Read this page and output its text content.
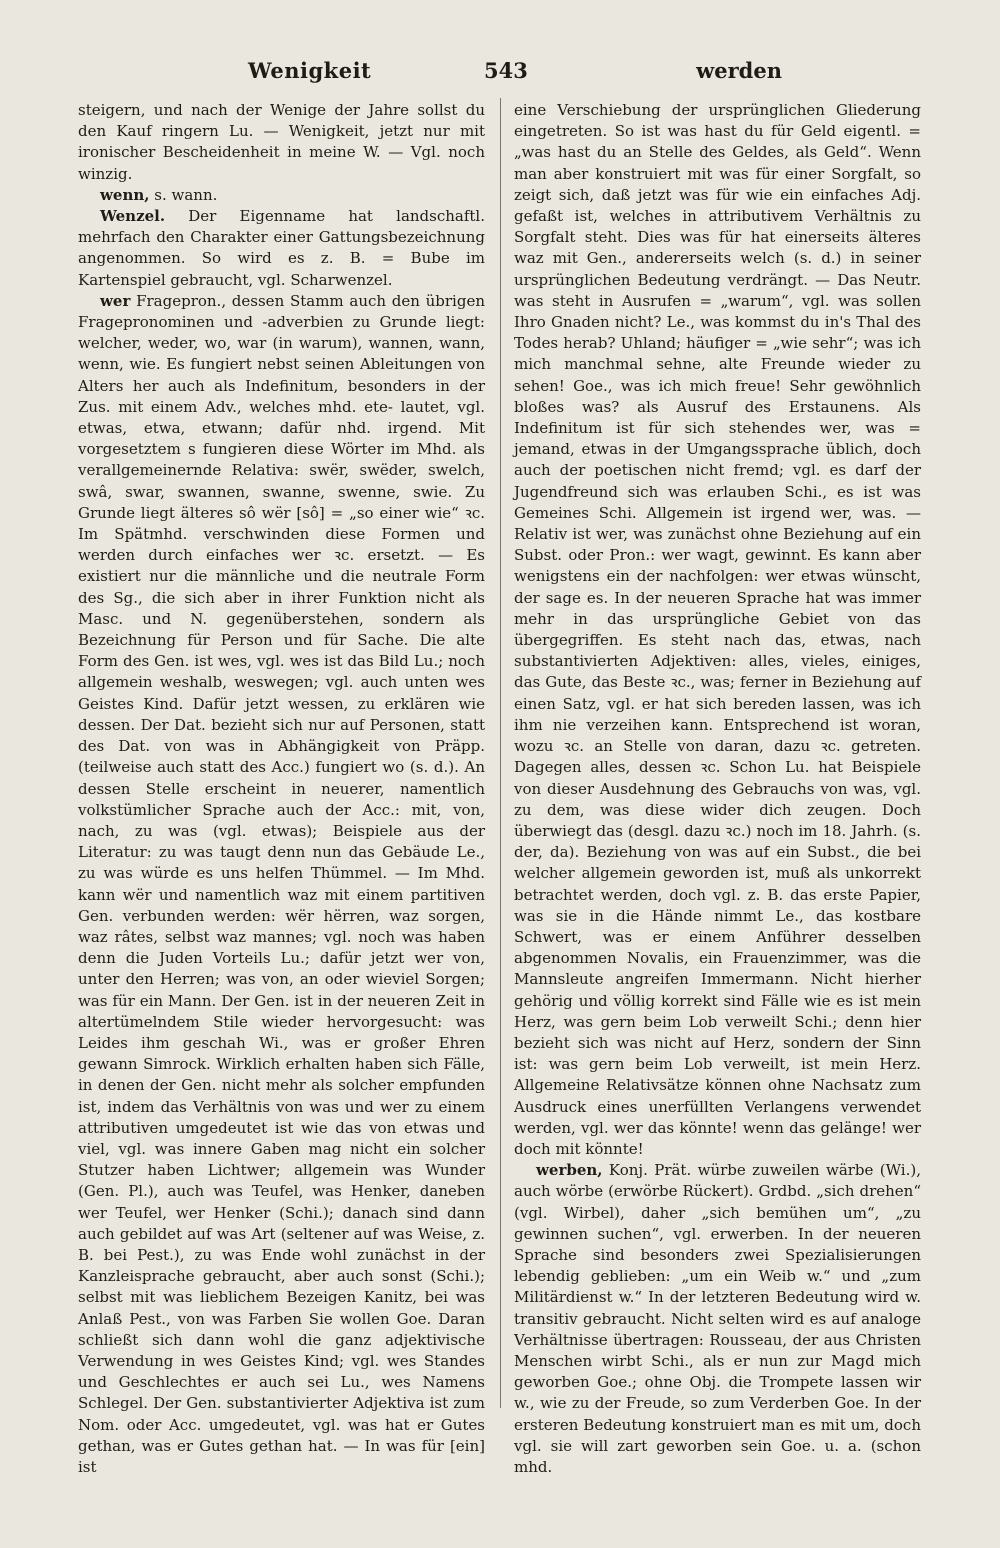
Wenigkeit	543	werden

steigern, und nach der Wenige der Jahre sollst du den Kauf ringern Lu. — Wenigkeit, jetzt nur mit ironischer Bescheidenheit in meine W. — Vgl. noch winzig.

wenn, s. wann.

Wenzel. Der Eigenname hat landschaftl. mehrfach den Charakter einer Gattungsbezeichnung angenommen. So wird es z. B. = Bube im Kartenspiel gebraucht, vgl. Scharwenzel.

wer Fragepron., dessen Stamm auch den übrigen Fragepronominen und -adverbien zu Grunde liegt: welcher, weder, wo, war (in warum), wannen, wann, wenn, wie. Es fungiert nebst seinen Ableitungen von Alters her auch als Indefinitum, besonders in der Zus. mit einem Adv., welches mhd. ete- lautet, vgl. etwas, etwa, etwann; dafür nhd. irgend. Mit vorgesetztem s fungieren diese Wörter im Mhd. als verallgemeinernde Relativa: swër, swëder, swelch, swâ, swar, swannen, swanne, swenne, swie. Zu Grunde liegt älteres sô wër [sô] = „so einer wie“ ꝛc. Im Spätmhd. verschwinden diese Formen und werden durch einfaches wer ꝛc. ersetzt. — Es existiert nur die männliche und die neutrale Form des Sg., die sich aber in ihrer Funktion nicht als Masc. und N. gegenüberstehen, sondern als Bezeichnung für Person und für Sache. Die alte Form des Gen. ist wes, vgl. wes ist das Bild Lu.; noch allgemein weshalb, weswegen; vgl. auch unten wes Geistes Kind. Dafür jetzt wessen, zu erklären wie dessen. Der Dat. bezieht sich nur auf Personen, statt des Dat. von was in Abhängigkeit von Präpp. (teilweise auch statt des Acc.) fungiert wo (s. d.). An dessen Stelle erscheint in neuerer, namentlich volkstümlicher Sprache auch der Acc.: mit, von, nach, zu was (vgl. etwas); Beispiele aus der Literatur: zu was taugt denn nun das Gebäude Le., zu was würde es uns helfen Thümmel. — Im Mhd. kann wër und namentlich waz mit einem partitiven Gen. verbunden werden: wër hërren, waz sorgen, waz râtes, selbst waz mannes; vgl. noch was haben denn die Juden Vorteils Lu.; dafür jetzt wer von, unter den Herren; was von, an oder wieviel Sorgen; was für ein Mann. Der Gen. ist in der neueren Zeit in altertümelndem Stile wieder hervorgesucht: was Leides ihm geschah Wi., was er großer Ehren gewann Simrock. Wirklich erhalten haben sich Fälle, in denen der Gen. nicht mehr als solcher empfunden ist, indem das Verhältnis von was und wer zu einem attributiven umgedeutet ist wie das von etwas und viel, vgl. was innere Gaben mag nicht ein solcher Stutzer haben Lichtwer; allgemein was Wunder (Gen. Pl.), auch was Teufel, was Henker, daneben wer Teufel, wer Henker (Schi.); danach sind dann auch gebildet auf was Art (seltener auf was Weise, z. B. bei Pest.), zu was Ende wohl zunächst in der Kanzleisprache gebraucht, aber auch sonst (Schi.); selbst mit was lieblichem Bezeigen Kanitz, bei was Anlaß Pest., von was Farben Sie wollen Goe. Daran schließt sich dann wohl die ganz adjektivische Verwendung in wes Geistes Kind; vgl. wes Standes und Geschlechtes er auch sei Lu., wes Namens Schlegel. Der Gen. substantivierter Adjektiva ist zum Nom. oder Acc. umgedeutet, vgl. was hat er Gutes gethan, was er Gutes gethan hat. — In was für [ein] ist

eine Verschiebung der ursprünglichen Gliederung eingetreten. So ist was hast du für Geld eigentl. = „was hast du an Stelle des Geldes, als Geld“. Wenn man aber konstruiert mit was für einer Sorgfalt, so zeigt sich, daß jetzt was für wie ein einfaches Adj. gefaßt ist, welches in attributivem Verhältnis zu Sorgfalt steht. Dies was für hat einerseits älteres waz mit Gen., andererseits welch (s. d.) in seiner ursprünglichen Bedeutung verdrängt. — Das Neutr. was steht in Ausrufen = „warum“, vgl. was sollen Ihro Gnaden nicht? Le., was kommst du in's Thal des Todes herab? Uhland; häufiger = „wie sehr“; was ich mich manchmal sehne, alte Freunde wieder zu sehen! Goe., was ich mich freue! Sehr gewöhnlich bloßes was? als Ausruf des Erstaunens. Als Indefinitum ist für sich stehendes wer, was = jemand, etwas in der Umgangssprache üblich, doch auch der poetischen nicht fremd; vgl. es darf der Jugendfreund sich was erlauben Schi., es ist was Gemeines Schi. Allgemein ist irgend wer, was. — Relativ ist wer, was zunächst ohne Beziehung auf ein Subst. oder Pron.: wer wagt, gewinnt. Es kann aber wenigstens ein der nachfolgen: wer etwas wünscht, der sage es. In der neueren Sprache hat was immer mehr in das ursprüngliche Gebiet von das übergegriffen. Es steht nach das, etwas, nach substantivierten Adjektiven: alles, vieles, einiges, das Gute, das Beste ꝛc., was; ferner in Beziehung auf einen Satz, vgl. er hat sich bereden lassen, was ich ihm nie verzeihen kann. Entsprechend ist woran, wozu ꝛc. an Stelle von daran, dazu ꝛc. getreten. Dagegen alles, dessen ꝛc. Schon Lu. hat Beispiele von dieser Ausdehnung des Gebrauchs von was, vgl. zu dem, was diese wider dich zeugen. Doch überwiegt das (desgl. dazu ꝛc.) noch im 18. Jahrh. (s. der, da). Beziehung von was auf ein Subst., die bei welcher allgemein geworden ist, muß als unkorrekt betrachtet werden, doch vgl. z. B. das erste Papier, was sie in die Hände nimmt Le., das kostbare Schwert, was er einem Anführer desselben abgenommen Novalis, ein Frauenzimmer, was die Mannsleute angreifen Immermann. Nicht hierher gehörig und völlig korrekt sind Fälle wie es ist mein Herz, was gern beim Lob verweilt Schi.; denn hier bezieht sich was nicht auf Herz, sondern der Sinn ist: was gern beim Lob verweilt, ist mein Herz. Allgemeine Relativsätze können ohne Nachsatz zum Ausdruck eines unerfüllten Verlangens verwendet werden, vgl. wer das könnte! wenn das gelänge! wer doch mit könnte!

werben, Konj. Prät. würbe zuweilen wärbe (Wi.), auch wörbe (erwörbe Rückert). Grdbd. „sich drehen“ (vgl. Wirbel), daher „sich bemühen um“, „zu gewinnen suchen“, vgl. erwerben. In der neueren Sprache sind besonders zwei Spezialisierungen lebendig geblieben: „um ein Weib w.“ und „zum Militärdienst w.“ In der letzteren Bedeutung wird w. transitiv gebraucht. Nicht selten wird es auf analoge Verhältnisse übertragen: Rousseau, der aus Christen Menschen wirbt Schi., als er nun zur Magd mich geworben Goe.; ohne Obj. die Trompete lassen wir w., wie zu der Freude, so zum Verderben Goe. In der ersteren Bedeutung konstruiert man es mit um, doch vgl. sie will zart geworben sein Goe. u. a. (schon mhd.
